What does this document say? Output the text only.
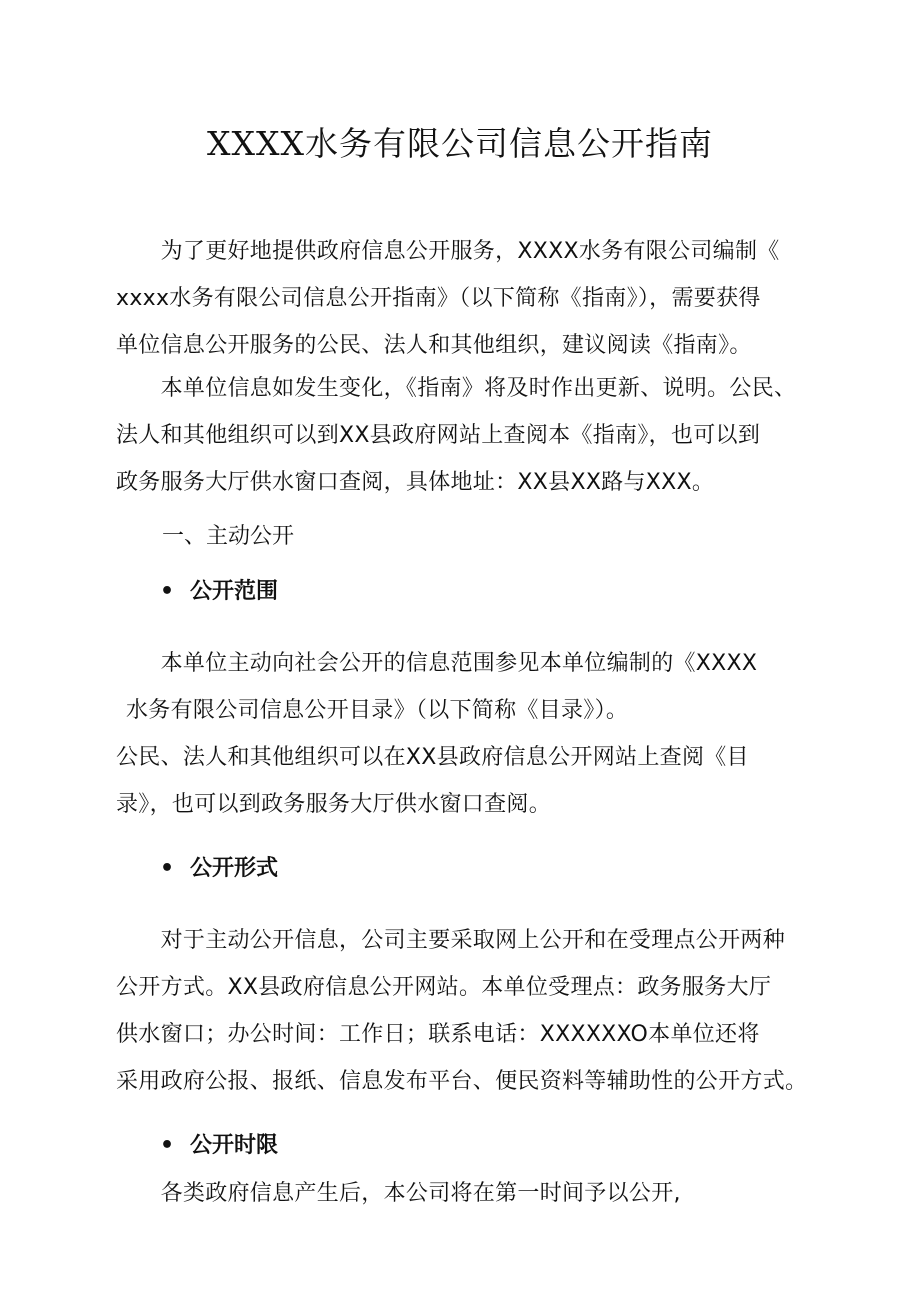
XXXX水务有限公司信息公开指南
　　为了更好地提供政府信息公开服务，XXXX水务有限公司编制《
xxxx水务有限公司信息公开指南》（以下简称《指南》），需要获得
单位信息公开服务的公民、法人和其他组织，建议阅读《指南》。
　　本单位信息如发生变化，《指南》将及时作出更新、说明。公民、
法人和其他组织可以到XX县政府网站上查阅本《指南》，也可以到
政务服务大厅供水窗口查阅，具体地址：XX县XX路与XXX。
一、主动公开
• 公开范围
　　本单位主动向社会公开的信息范围参见本单位编制的《XXXX
水务有限公司信息公开目录》（以下简称《目录》）。
公民、法人和其他组织可以在XX县政府信息公开网站上查阅《目
录》，也可以到政务服务大厅供水窗口查阅。
• 公开形式
　　对于主动公开信息，公司主要采取网上公开和在受理点公开两种
公开方式。XX县政府信息公开网站。本单位受理点：政务服务大厅
供水窗口；办公时间：工作日；联系电话：XXXXXXO本单位还将
采用政府公报、报纸、信息发布平台、便民资料等辅助性的公开方式。
• 公开时限
　　各类政府信息产生后，本公司将在第一时间予以公开,
